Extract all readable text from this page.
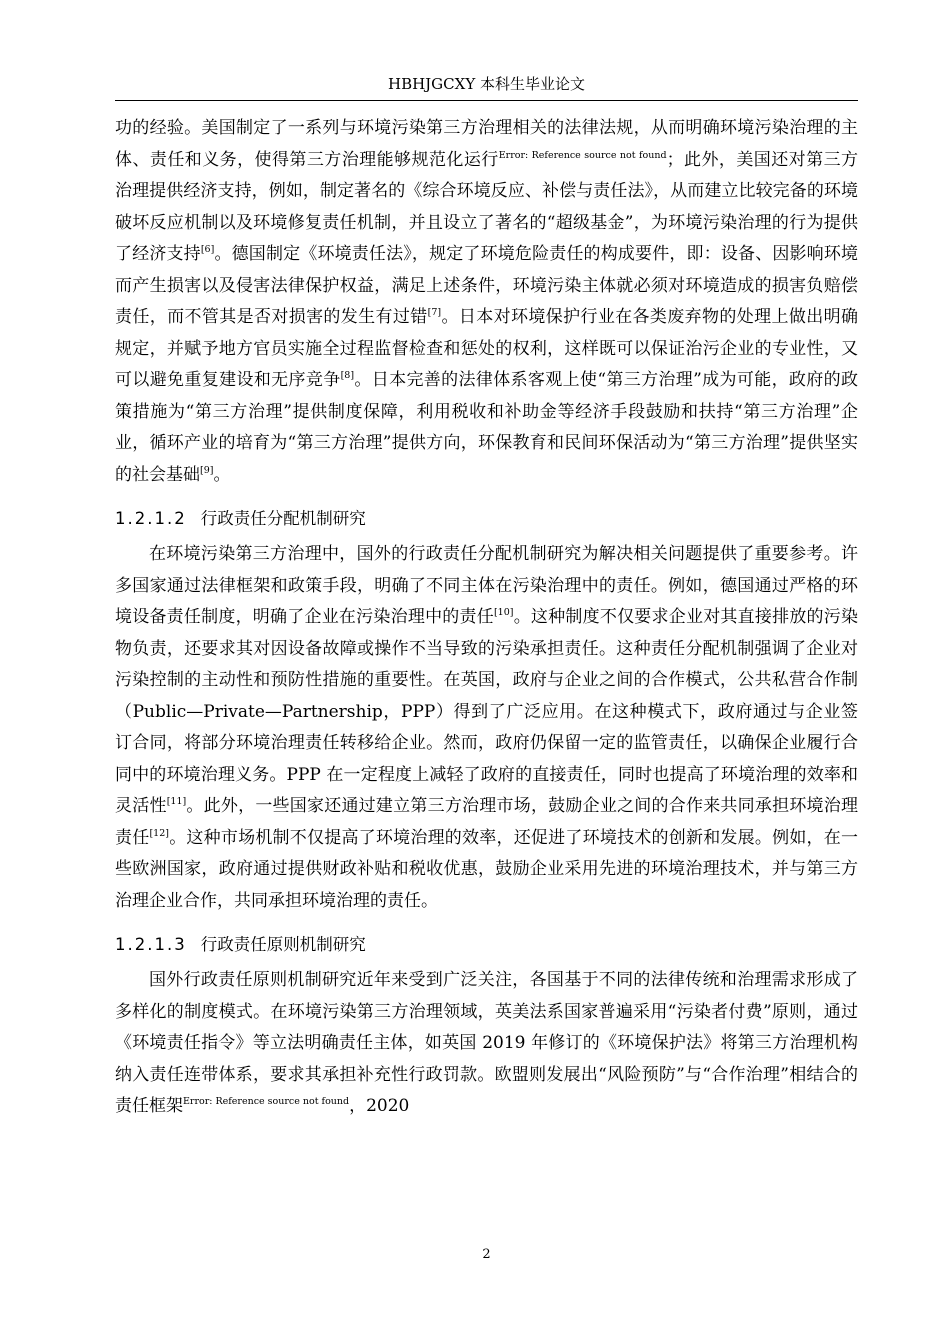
HBHJGCXY 本科生毕业论文

功的经验。美国制定了一系列与环境污染第三方治理相关的法律法规，从而明确环境污染治理的主体、责任和义务，使得第三方治理能够规范化运行$^{Error: Reference source not found}$；此外，美国还对第三方治理提供经济支持，例如，制定著名的《综合环境反应、补偿与责任法》，从而建立比较完备的环境破坏反应机制以及环境修复责任机制，并且设立了著名的“超级基金”，为环境污染治理的行为提供了经济支持[6]。德国制定《环境责任法》，规定了环境危险责任的构成要件，即：设备、因影响环境而产生损害以及侵害法律保护权益，满足上述条件，环境污染主体就必须对环境造成的损害负赔偿责任，而不管其是否对损害的发生有过错[7]。日本对环境保护行业在各类废弃物的处理上做出明确规定，并赋予地方官员实施全过程监督检查和惩处的权利，这样既可以保证治污企业的专业性，又可以避免重复建设和无序竞争[8]。日本完善的法律体系客观上使“第三方治理”成为可能，政府的政策措施为“第三方治理”提供制度保障，利用税收和补助金等经济手段鼓励和扶持“第三方治理”企业，循环产业的培育为“第三方治理”提供方向，环保教育和民间环保活动为“第三方治理”提供坚实的社会基础[9]。

1.2.1.2 行政责任分配机制研究

在环境污染第三方治理中，国外的行政责任分配机制研究为解决相关问题提供了重要参考。许多国家通过法律框架和政策手段，明确了不同主体在污染治理中的责任。例如，德国通过严格的环境设备责任制度，明确了企业在污染治理中的责任[10]。这种制度不仅要求企业对其直接排放的污染物负责，还要求其对因设备故障或操作不当导致的污染承担责任。这种责任分配机制强调了企业对污染控制的主动性和预防性措施的重要性。在英国，政府与企业之间的合作模式，公共私营合作制（Public—Private—Partnership，PPP）得到了广泛应用。在这种模式下，政府通过与企业签订合同，将部分环境治理责任转移给企业。然而，政府仍保留一定的监管责任，以确保企业履行合同中的环境治理义务。PPP 在一定程度上减轻了政府的直接责任，同时也提高了环境治理的效率和灵活性[11]。此外，一些国家还通过建立第三方治理市场，鼓励企业之间的合作来共同承担环境治理责任[12]。这种市场机制不仅提高了环境治理的效率，还促进了环境技术的创新和发展。例如，在一些欧洲国家，政府通过提供财政补贴和税收优惠，鼓励企业采用先进的环境治理技术，并与第三方治理企业合作，共同承担环境治理的责任。

1.2.1.3 行政责任原则机制研究

国外行政责任原则机制研究近年来受到广泛关注，各国基于不同的法律传统和治理需求形成了多样化的制度模式。在环境污染第三方治理领域，英美法系国家普遍采用“污染者付费”原则，通过《环境责任指令》等立法明确责任主体，如英国 2019 年修订的《环境保护法》将第三方治理机构纳入责任连带体系，要求其承担补充性行政罚款。欧盟则发展出“风险预防”与“合作治理”相结合的责任框架$^{Error: Reference source not found}$，2020

2
